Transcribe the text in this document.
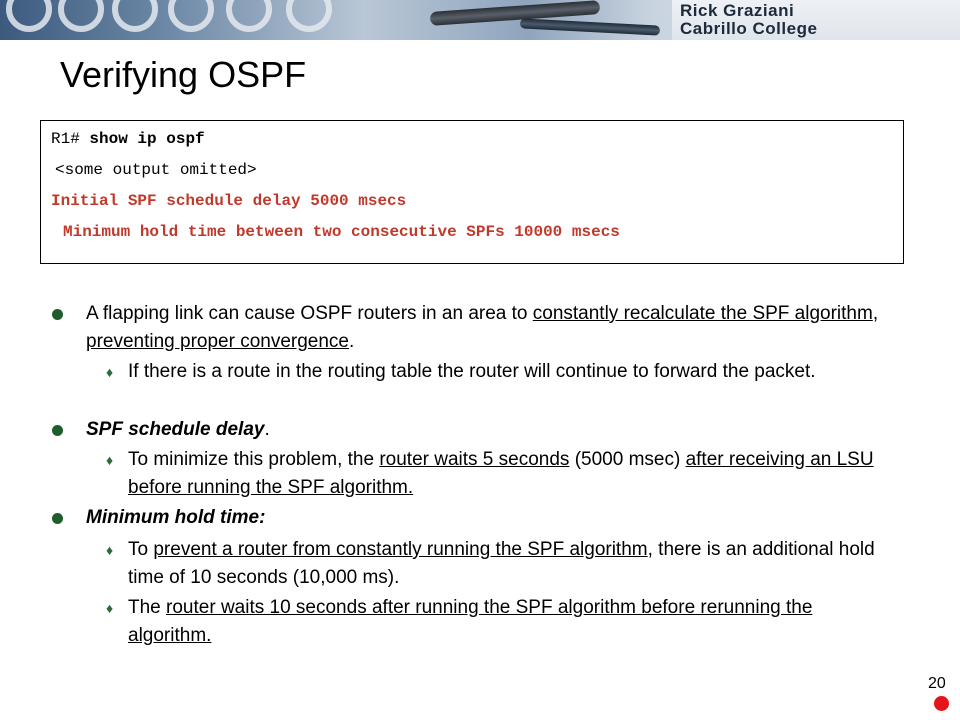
Rick Graziani
Cabrillo College
Verifying OSPF
R1# show ip ospf
<some output omitted>
Initial SPF schedule delay 5000 msecs
Minimum hold time between two consecutive SPFs 10000 msecs
A flapping link can cause OSPF routers in an area to constantly recalculate the SPF algorithm, preventing proper convergence.
♦ If there is a route in the routing table the router will continue to forward the packet.
SPF schedule delay.
♦ To minimize this problem, the router waits 5 seconds (5000 msec) after receiving an LSU before running the SPF algorithm.
Minimum hold time:
♦ To prevent a router from constantly running the SPF algorithm, there is an additional hold time of 10 seconds (10,000 ms).
♦ The router waits 10 seconds after running the SPF algorithm before rerunning the algorithm.
20
